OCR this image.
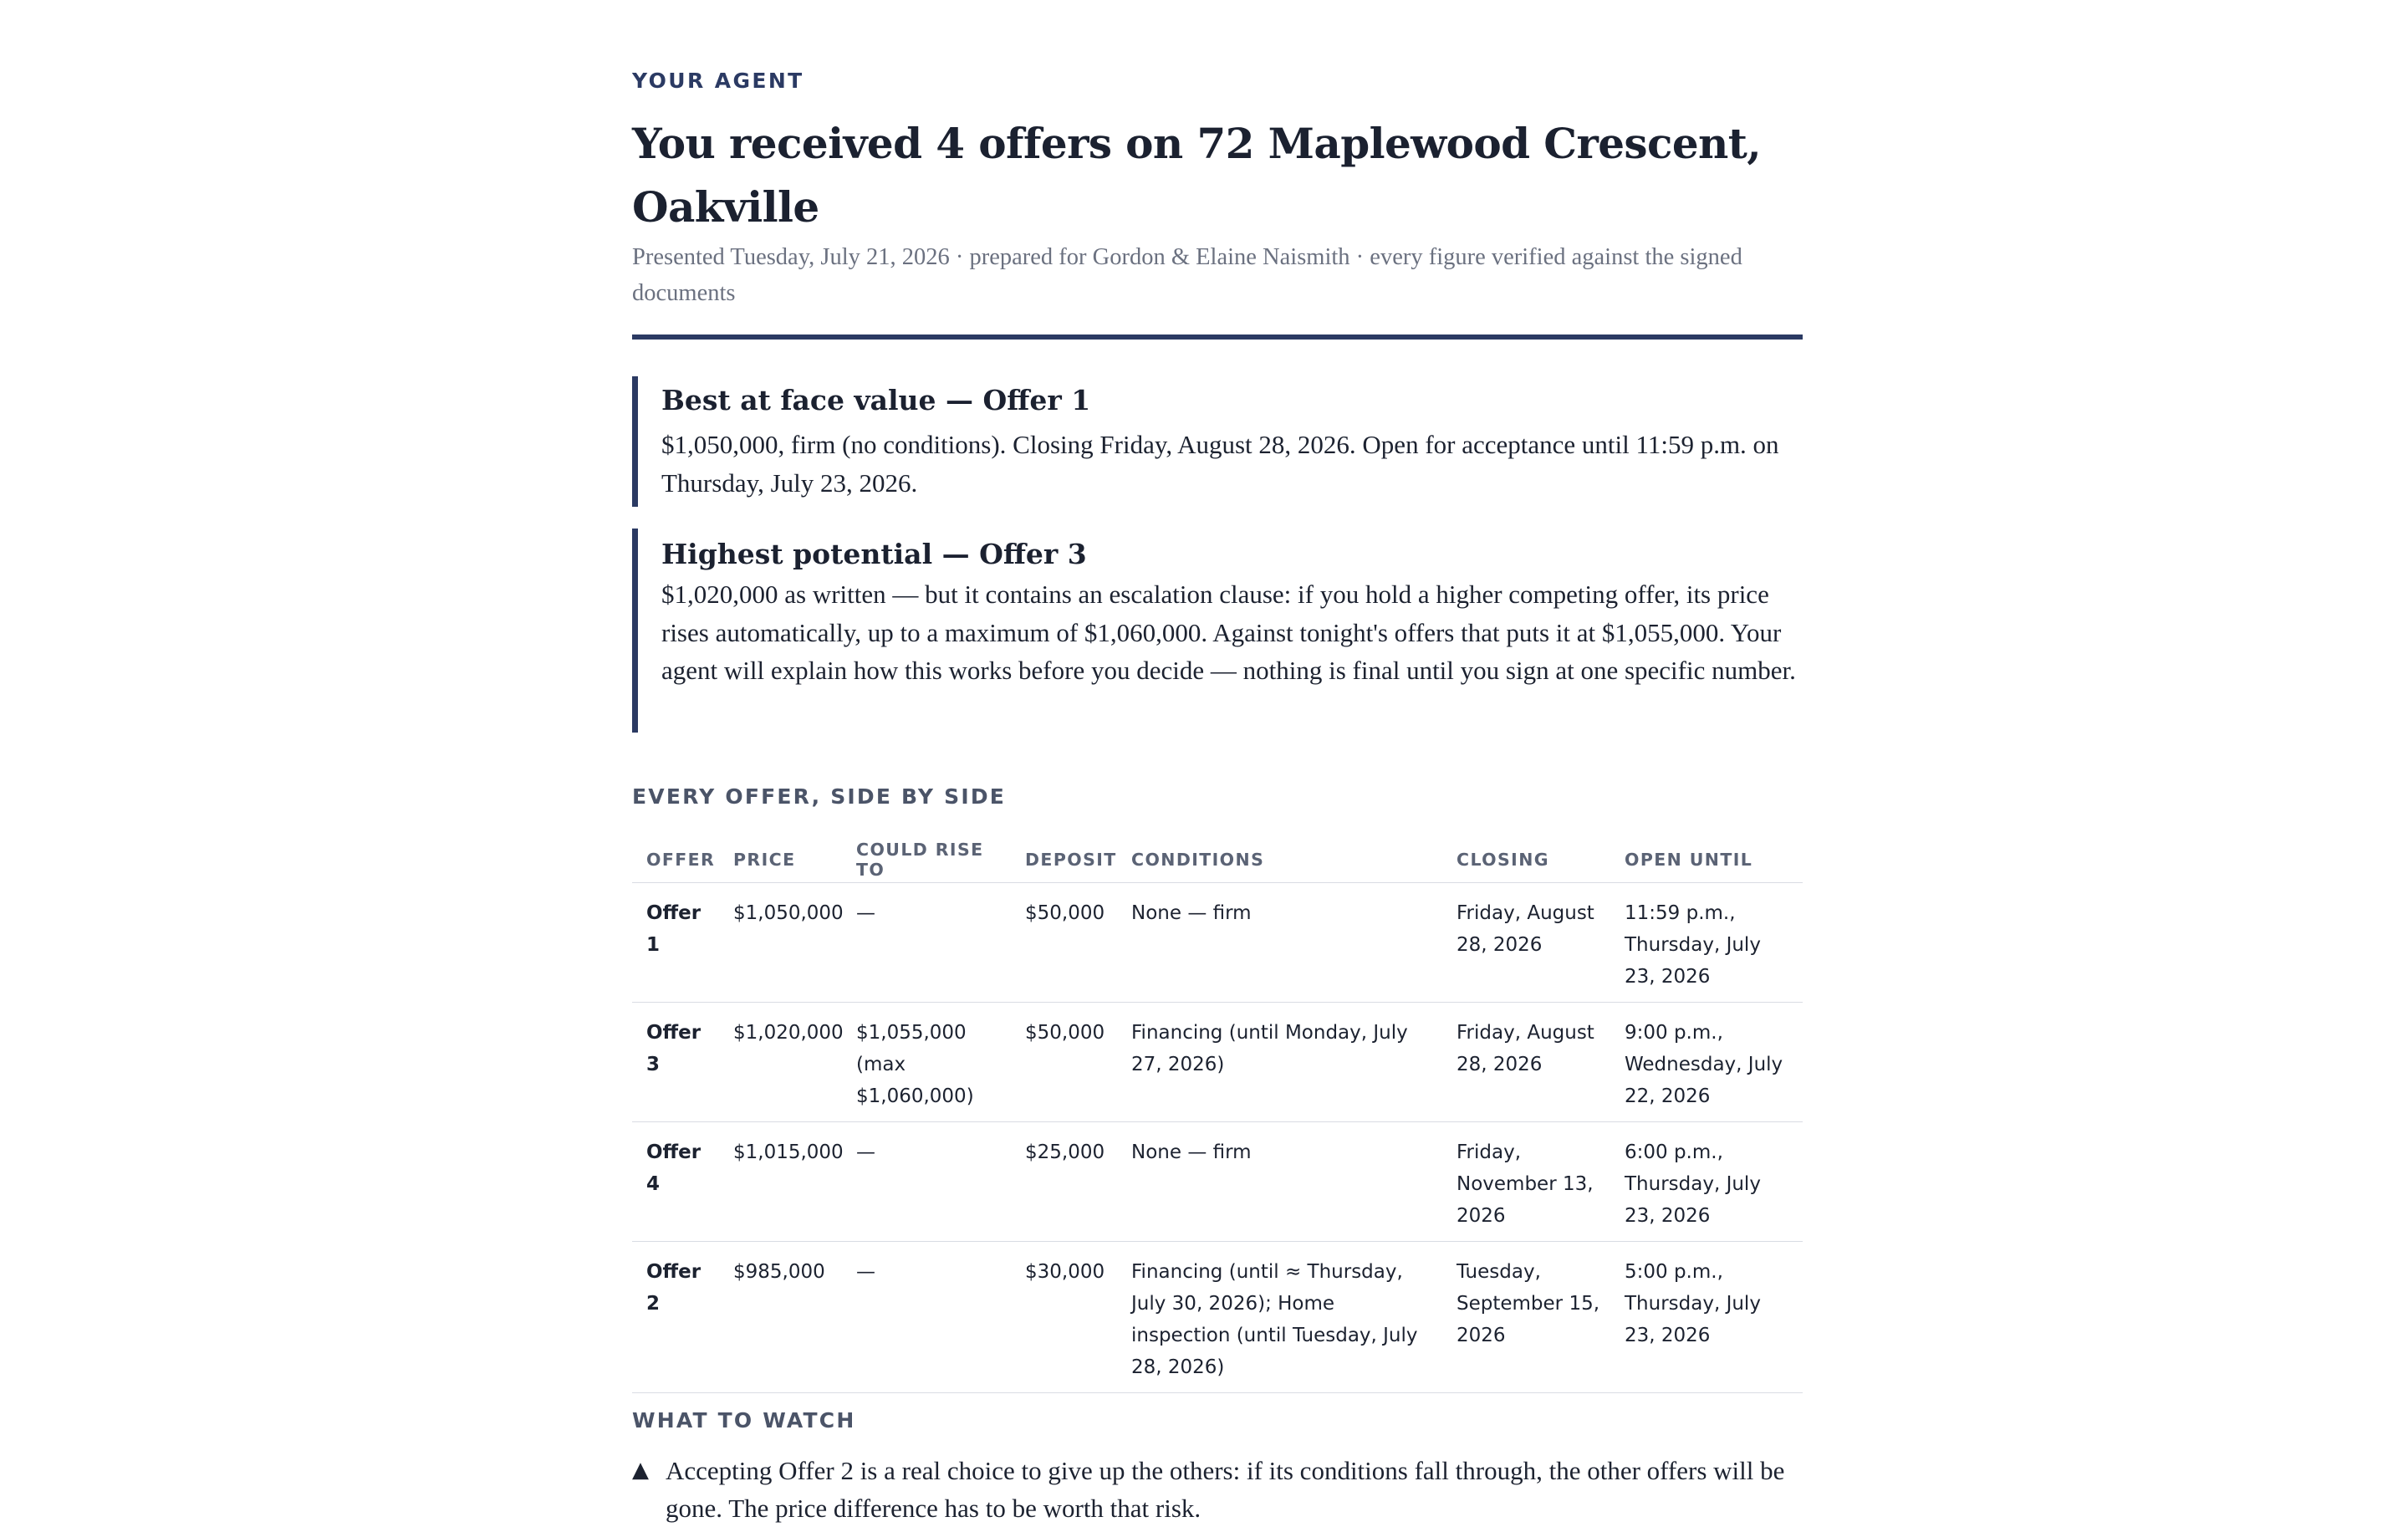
YOUR AGENT

You received 4 offers on 72 Maplewood Crescent, Oakville

Presented Tuesday, July 21, 2026 · prepared for Gordon & Elaine Naismith · every figure verified against the signed documents

Best at face value — Offer 1

$1,050,000, firm (no conditions). Closing Friday, August 28, 2026. Open for acceptance until 11:59 p.m. on Thursday, July 23, 2026.

Highest potential — Offer 3

$1,020,000 as written — but it contains an escalation clause: if you hold a higher competing offer, its price rises automatically, up to a maximum of $1,060,000. Against tonight's offers that puts it at $1,055,000. Your agent will explain how this works before you decide — nothing is final until you sign at one specific number.

EVERY OFFER, SIDE BY SIDE
OFFER	PRICE	COULD RISE TO	DEPOSIT	CONDITIONS	CLOSING	OPEN UNTIL
Offer 1	$1,050,000	—	$50,000	None — firm	Friday, August 28, 2026	11:59 p.m., Thursday, July 23, 2026
Offer 3	$1,020,000	$1,055,000 (max $1,060,000)	$50,000	Financing (until Monday, July 27, 2026)	Friday, August 28, 2026	9:00 p.m., Wednesday, July 22, 2026
Offer 4	$1,015,000	—	$25,000	None — firm	Friday, November 13, 2026	6:00 p.m., Thursday, July 23, 2026
Offer 2	$985,000	—	$30,000	Financing (until ≈ Thursday, July 30, 2026); Home inspection (until Tuesday, July 28, 2026)	Tuesday, September 15, 2026	5:00 p.m., Thursday, July 23, 2026
WHAT TO WATCH
▲ Accepting Offer 2 is a real choice to give up the others: if its conditions fall through, the other offers will be gone. The price difference has to be worth that risk.
